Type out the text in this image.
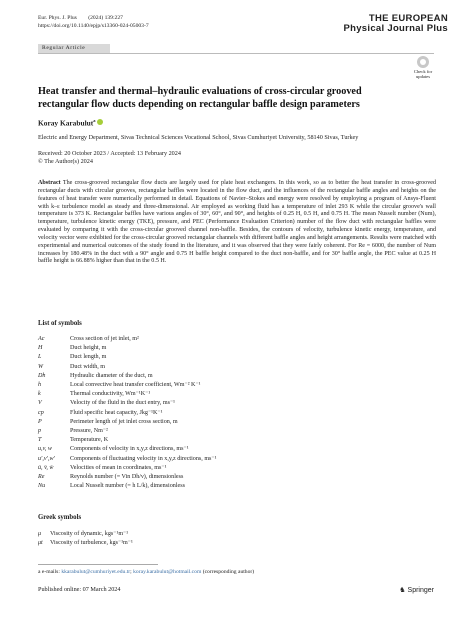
Eur. Phys. J. Plus (2024) 139:227
https://doi.org/10.1140/epjp/s13360-024-05003-7
THE EUROPEAN
Physical Journal Plus
Regular Article
Check for updates
Heat transfer and thermal–hydraulic evaluations of cross-circular grooved rectangular flow ducts depending on rectangular baffle design parameters
Koray Karabulut$^a$
Electric and Energy Department, Sivas Technical Sciences Vocational School, Sivas Cumhuriyet University, 58140 Sivas, Turkey
Received: 20 October 2023 / Accepted: 13 February 2024
© The Author(s) 2024
Abstract The cross-grooved rectangular flow ducts are largely used for plate heat exchangers. In this work, so as to better the heat transfer in cross-grooved rectangular ducts with circular grooves, rectangular baffles were located in the flow duct, and the influences of the rectangular baffle angles and heights on the features of heat transfer were numerically performed in detail. Equations of Navier–Stokes and energy were resolved by employing a program of Ansys-Fluent with k–ε turbulence model as steady and three-dimensional. Air employed as working fluid has a temperature of inlet 293 K while the circular groove's wall temperature is 373 K. Rectangular baffles have various angles of 30°, 60°, and 90°, and heights of 0.25 H, 0.5 H, and 0.75 H. The mean Nusselt number (Num), temperature, turbulence kinetic energy (TKE), pressure, and PEC (Performance Evaluation Criterion) number of the flow duct with rectangular baffles were evaluated by comparing it with the cross-circular grooved channel non-baffle. Besides, the contours of velocity, turbulence kinetic energy, temperature, and velocity vector were exhibited for the cross-circular grooved rectangular channels with different baffle angles and height arrangements. Results were matched with experimental and numerical outcomes of the study found in the literature, and it was observed that they were fairly coherent. For Re = 6000, the number of Num increases by 180.48% in the duct with a 90° angle and 0.75 H baffle height compared to the duct non-baffle, and for 30° baffle angle, the PEC value at 0.25 H baffle height is 66.88% higher than that in the 0.5 H.
List of symbols
Ac	Cross section of jet inlet, m²
H	Duct height, m
L	Duct length, m
W	Duct width, m
Dh	Hydraulic diameter of the duct, m
h	Local convective heat transfer coefficient, Wm⁻² K⁻¹
k	Thermal conductivity, Wm⁻¹K⁻¹
V	Velocity of the fluid in the duct entry, ms⁻¹
cp	Fluid specific heat capacity, Jkg⁻¹K⁻¹
P	Perimeter length of jet inlet cross section, m
p	Pressure, Nm⁻²
T	Temperature, K
u,v, w	Components of velocity in x,y,z directions, ms⁻¹
u′,v′,w′ Components of fluctuating velocity in x,y,z directions, ms⁻¹
ū, v̄, w̄	Velocities of mean in coordinates, ms⁻¹
Re	Reynolds number (= Vin Dh/ν), dimensionless
Nu	Local Nusselt number (= h L/k), dimensionless
Greek symbols
μ Viscosity of dynamic, kgs⁻¹m⁻¹
μt Viscosity of turbulence, kgs⁻¹m⁻¹
a e-mails: kkarabulut@cumhuriyet.edu.tr; koray.karabulut@hotmail.com (corresponding author)
Published online: 07 March 2024	♞ Springer
